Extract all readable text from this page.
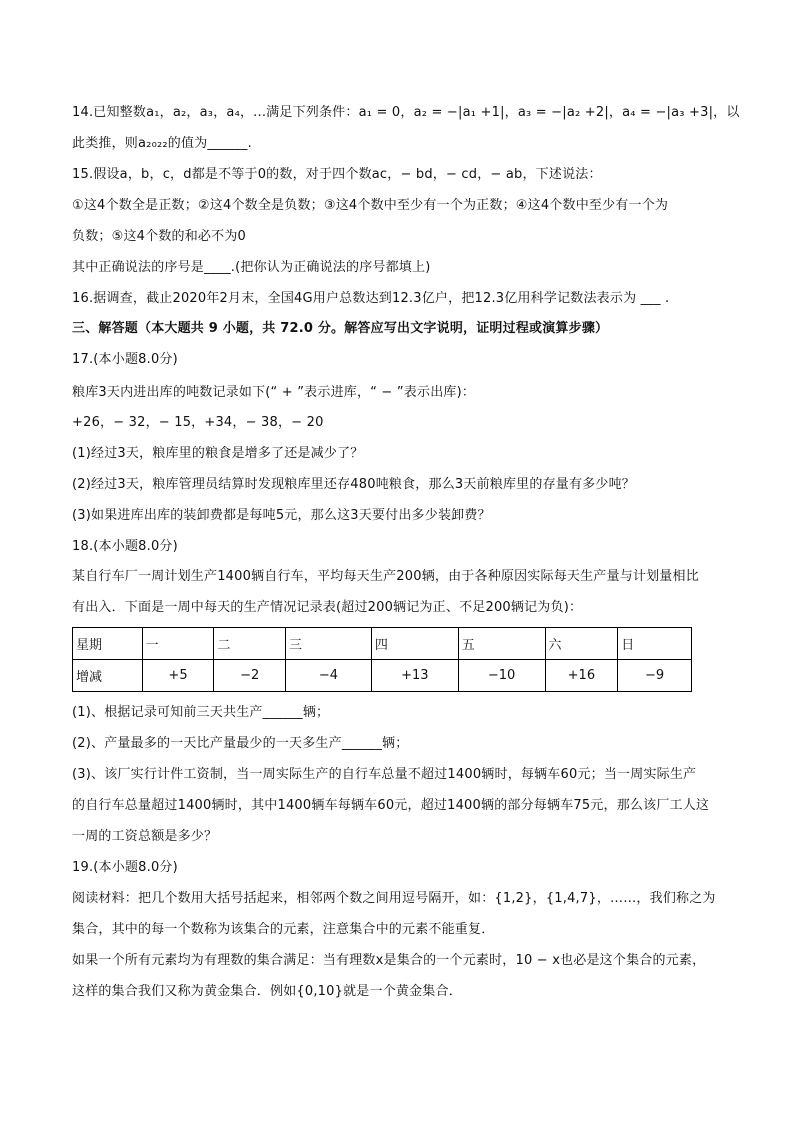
14.已知整数a₁，a₂，a₃，a₄，...满足下列条件：a₁ = 0，a₂ = −|a₁ +1|，a₃ = −|a₂ +2|，a₄ = −|a₃ +3|，以
此类推，则a₂₀₂₂的值为______.
15.假设a，b，c，d都是不等于0的数，对于四个数ac，− bd，− cd，− ab，下述说法：
①这4个数全是正数；②这4个数全是负数；③这4个数中至少有一个为正数；④这4个数中至少有一个为
负数；⑤这4个数的和必不为0
其中正确说法的序号是____.(把你认为正确说法的序号都填上)
16.据调查，截止2020年2月末，全国4G用户总数达到12.3亿户，把12.3亿用科学记数法表示为 ___ .
三、解答题（本大题共 9 小题，共 72.0 分。解答应写出文字说明，证明过程或演算步骤）
17.(本小题8.0分)
粮库3天内进出库的吨数记录如下(“ + ”表示进库，“ − ”表示出库)：
+26，− 32，− 15，+34，− 38，− 20
(1)经过3天，粮库里的粮食是增多了还是减少了？
(2)经过3天，粮库管理员结算时发现粮库里还存480吨粮食，那么3天前粮库里的存量有多少吨？
(3)如果进库出库的装卸费都是每吨5元，那么这3天要付出多少装卸费？
18.(本小题8.0分)
某自行车厂一周计划生产1400辆自行车，平均每天生产200辆，由于各种原因实际每天生产量与计划量相比
有出入．下面是一周中每天的生产情况记录表(超过200辆记为正、不足200辆记为负)：
星期	一	二	三	四	五	六	日
增减	+5	−2	−4	+13	−10	+16	−9
(1)、根据记录可知前三天共生产______辆；
(2)、产量最多的一天比产量最少的一天多生产______辆；
(3)、该厂实行计件工资制，当一周实际生产的自行车总量不超过1400辆时，每辆车60元；当一周实际生产
的自行车总量超过1400辆时，其中1400辆车每辆车60元，超过1400辆的部分每辆车75元，那么该厂工人这
一周的工资总额是多少？
19.(本小题8.0分)
阅读材料：把几个数用大括号括起来，相邻两个数之间用逗号隔开，如：{1,2}，{1,4,7}，……，我们称之为
集合，其中的每一个数称为该集合的元素，注意集合中的元素不能重复．
如果一个所有元素均为有理数的集合满足：当有理数x是集合的一个元素时，10 − x也必是这个集合的元素，
这样的集合我们又称为黄金集合．例如{0,10}就是一个黄金集合．
